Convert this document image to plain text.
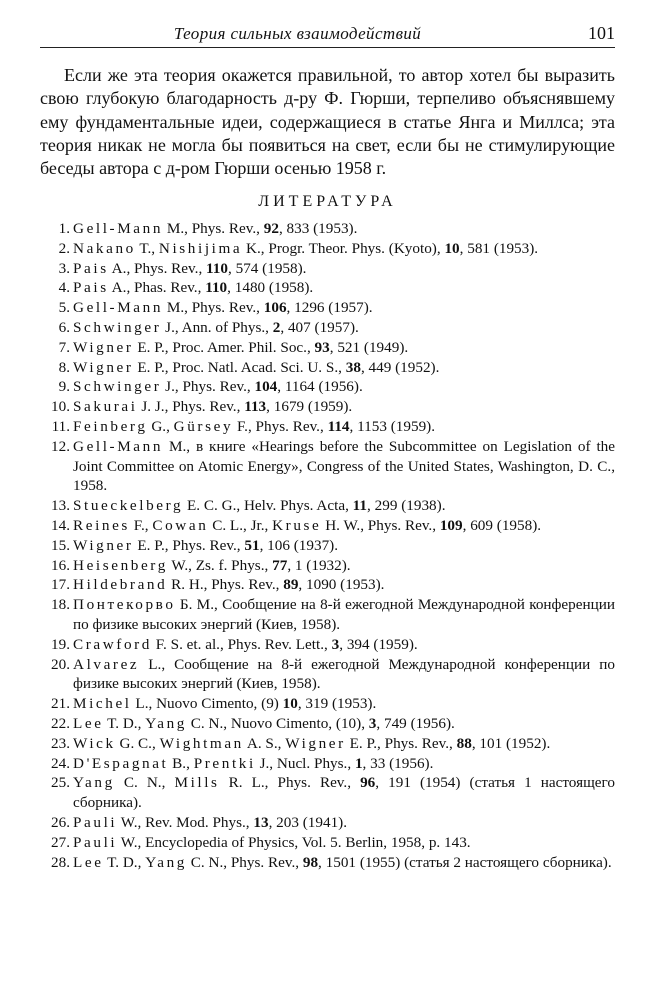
Теория сильных взаимодействий	101

Если же эта теория окажется правильной, то автор хотел бы выразить свою глубокую благодарность д-ру Ф. Гюрши, терпеливо объяснявшему ему фундаментальные идеи, содержащиеся в статье Янга и Миллса; эта теория никак не могла бы появиться на свет, если бы не стимулирующие беседы автора с д-ром Гюрши осенью 1958 г.

ЛИТЕРАТУРА
1. Gell-Mann M., Phys. Rev., 92, 833 (1953).
2. Nakano T., Nishijima K., Progr. Theor. Phys. (Kyoto), 10, 581 (1953).
3. Pais A., Phys. Rev., 110, 574 (1958).
4. Pais A., Phas. Rev., 110, 1480 (1958).
5. Gell-Mann M., Phys. Rev., 106, 1296 (1957).
6. Schwinger J., Ann. of Phys., 2, 407 (1957).
7. Wigner E. P., Proc. Amer. Phil. Soc., 93, 521 (1949).
8. Wigner E. P., Proc. Natl. Acad. Sci. U. S., 38, 449 (1952).
9. Schwinger J., Phys. Rev., 104, 1164 (1956).
10. Sakurai J. J., Phys. Rev., 113, 1679 (1959).
11. Feinberg G., Gürsey F., Phys. Rev., 114, 1153 (1959).
12. Gell-Mann M., в книге «Hearings before the Subcommittee on Legislation of the Joint Committee on Atomic Energy», Congress of the United States, Washington, D. C., 1958.
13. Stueckelberg E. C. G., Helv. Phys. Acta, 11, 299 (1938).
14. Reines F., Cowan C. L., Jr., Kruse H. W., Phys. Rev., 109, 609 (1958).
15. Wigner E. P., Phys. Rev., 51, 106 (1937).
16. Heisenberg W., Zs. f. Phys., 77, 1 (1932).
17. Hildebrand R. H., Phys. Rev., 89, 1090 (1953).
18. Понтекорво Б. М., Сообщение на 8-й ежегодной Международной конференции по физике высоких энергий (Киев, 1958).
19. Crawford F. S. et. al., Phys. Rev. Lett., 3, 394 (1959).
20. Alvarez L., Сообщение на 8-й ежегодной Международной конференции по физике высоких энергий (Киев, 1958).
21. Michel L., Nuovo Cimento, (9) 10, 319 (1953).
22. Lee T. D., Yang C. N., Nuovo Cimento, (10), 3, 749 (1956).
23. Wick G. C., Wightman A. S., Wigner E. P., Phys. Rev., 88, 101 (1952).
24. D'Espagnat B., Prentki J., Nucl. Phys., 1, 33 (1956).
25. Yang C. N., Mills R. L., Phys. Rev., 96, 191 (1954) (статья 1 настоящего сборника).
26. Pauli W., Rev. Mod. Phys., 13, 203 (1941).
27. Pauli W., Encyclopedia of Physics, Vol. 5. Berlin, 1958, p. 143.
28. Lee T. D., Yang C. N., Phys. Rev., 98, 1501 (1955) (статья 2 настоящего сборника).
